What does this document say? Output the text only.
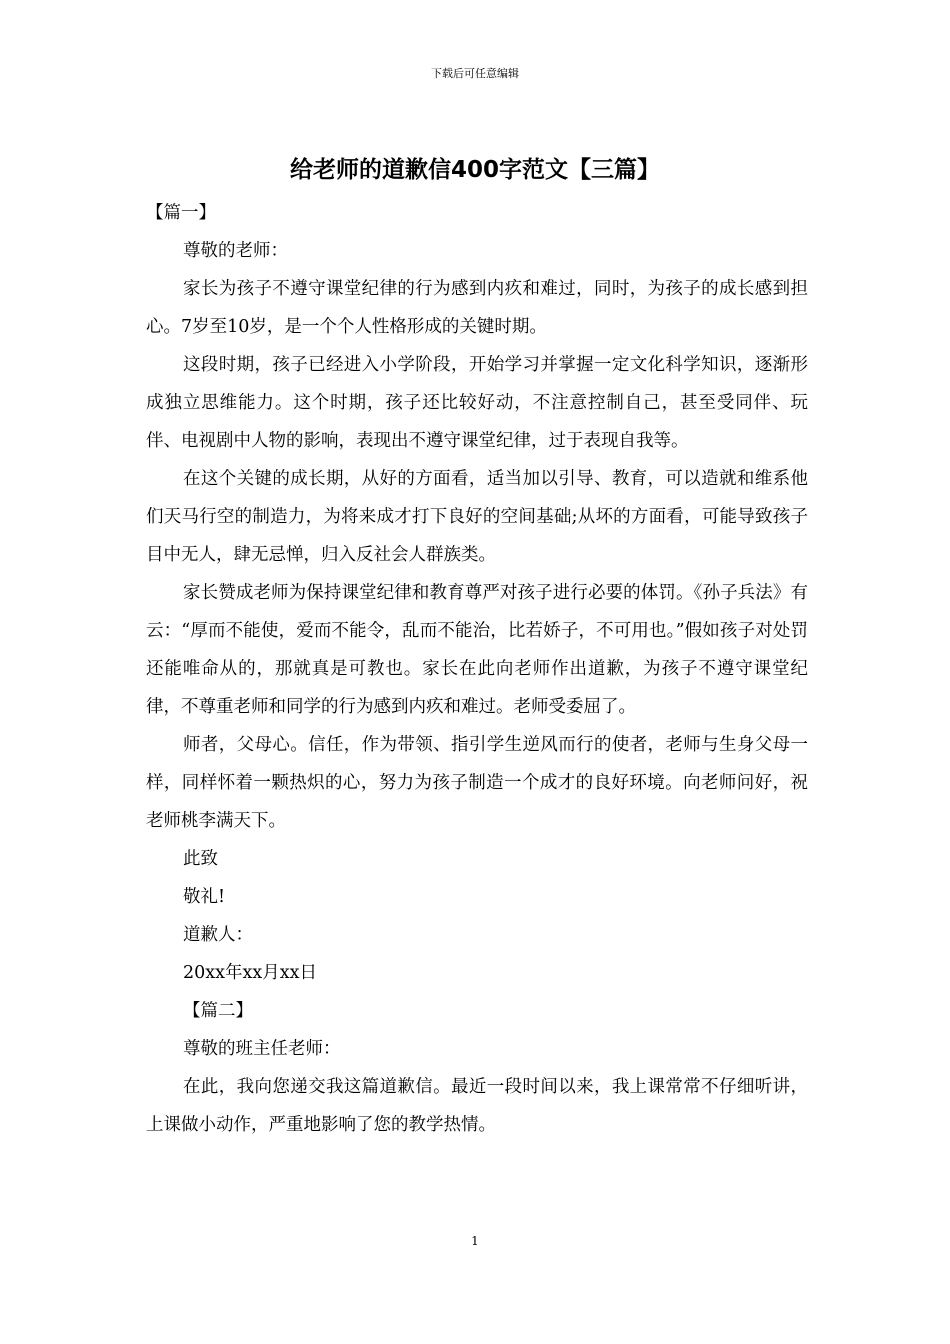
下载后可任意编辑
给老师的道歉信400字范文【三篇】

【篇一】

尊敬的老师：

家长为孩子不遵守课堂纪律的行为感到内疚和难过，同时，为孩子的成长感到担心。7岁至10岁，是一个个人性格形成的关键时期。

这段时期，孩子已经进入小学阶段，开始学习并掌握一定文化科学知识，逐渐形成独立思维能力。这个时期，孩子还比较好动，不注意控制自己，甚至受同伴、玩伴、电视剧中人物的影响，表现出不遵守课堂纪律，过于表现自我等。

在这个关键的成长期，从好的方面看，适当加以引导、教育，可以造就和维系他们天马行空的制造力，为将来成才打下良好的空间基础;从坏的方面看，可能导致孩子目中无人，肆无忌惮，归入反社会人群族类。

家长赞成老师为保持课堂纪律和教育尊严对孩子进行必要的体罚。《孙子兵法》有云：“厚而不能使，爱而不能令，乱而不能治，比若娇子，不可用也。”假如孩子对处罚还能唯命从的，那就真是可教也。家长在此向老师作出道歉，为孩子不遵守课堂纪律，不尊重老师和同学的行为感到内疚和难过。老师受委屈了。

师者，父母心。信任，作为带领、指引学生逆风而行的使者，老师与生身父母一样，同样怀着一颗热炽的心，努力为孩子制造一个成才的良好环境。向老师问好，祝老师桃李满天下。

此致

敬礼!

道歉人：

20xx年xx月xx日

【篇二】

尊敬的班主任老师：

在此，我向您递交我这篇道歉信。最近一段时间以来，我上课常常不仔细听讲，上课做小动作，严重地影响了您的教学热情。

1
